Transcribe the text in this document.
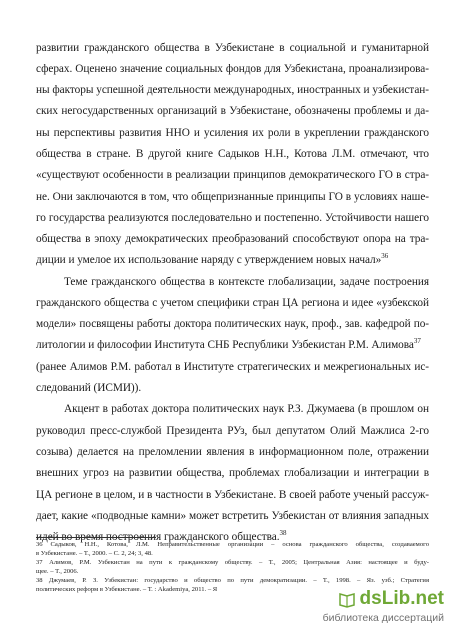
развитии гражданского общества в Узбекистане в социальной и гуманитарной
сферах. Оценено значение социальных фондов для Узбекистана, проанализирова-
ны факторы успешной деятельности международных, иностранных и узбекистан-
ских негосударственных организаций в Узбекистане, обозначены проблемы и да-
ны перспективы развития ННО и усиления их роли в укреплении гражданского
общества в стране. В другой книге Садыков Н.Н., Котова Л.М. отмечают, что
«существуют особенности в реализации принципов демократического ГО в стра-
не. Они заключаются в том, что общепризнанные принципы ГО в условиях наше-
го государства реализуются последовательно и постепенно. Устойчивости нашего
общества в эпоху демократических преобразований способствуют опора на тра-
диции и умелое их использование наряду с утверждением новых начал»$^{36}$
Теме гражданского общества в контексте глобализации, задаче построения
гражданского общества с учетом специфики стран ЦА региона и идее «узбекской
модели» посвящены работы доктора политических наук, проф., зав. кафедрой по-
литологии и философии Института СНБ Республики Узбекистан Р.М. Алимова$^{37}$
(ранее Алимов Р.М. работал в Институте стратегических и межрегиональных ис-
следований (ИСМИ)).
Акцент в работах доктора политических наук Р.З. Джумаева (в прошлом он
руководил пресс-службой Президента РУз, был депутатом Олий Мажлиса 2-го
созыва) делается на преломлении явления в информационном поле, отражении
внешних угроз на развитии общества, проблемах глобализации и интеграции в
ЦА регионе в целом, и в частности в Узбекистане. В своей работе ученый рассуж-
дает, какие «подводные камни» может встретить Узбекистан от влияния западных
идей во время построения гражданского общества.$^{38}$
36 Садыков, Н.Н., Котова, Л.М. Неправительственные организации – основа гражданского общества, создаваемого
в Узбекистане. – Т., 2000. – С. 2, 24; 3, 48.
37 Алимов, Р.М. Узбекистан на пути к гражданскому обществу. – Т., 2005; Центральная Азия: настоящее и буду-
щее. – Т., 2006.
38 Джумаев, Р. З. Узбекистан: государство и общество по пути демократизации. – Т., 1998. – Яз. узб.; Стратегия
политических реформ в Узбекистане. – Т. : Akademiya, 2011. – Я	dsLib.net
библиотека диссертаций
